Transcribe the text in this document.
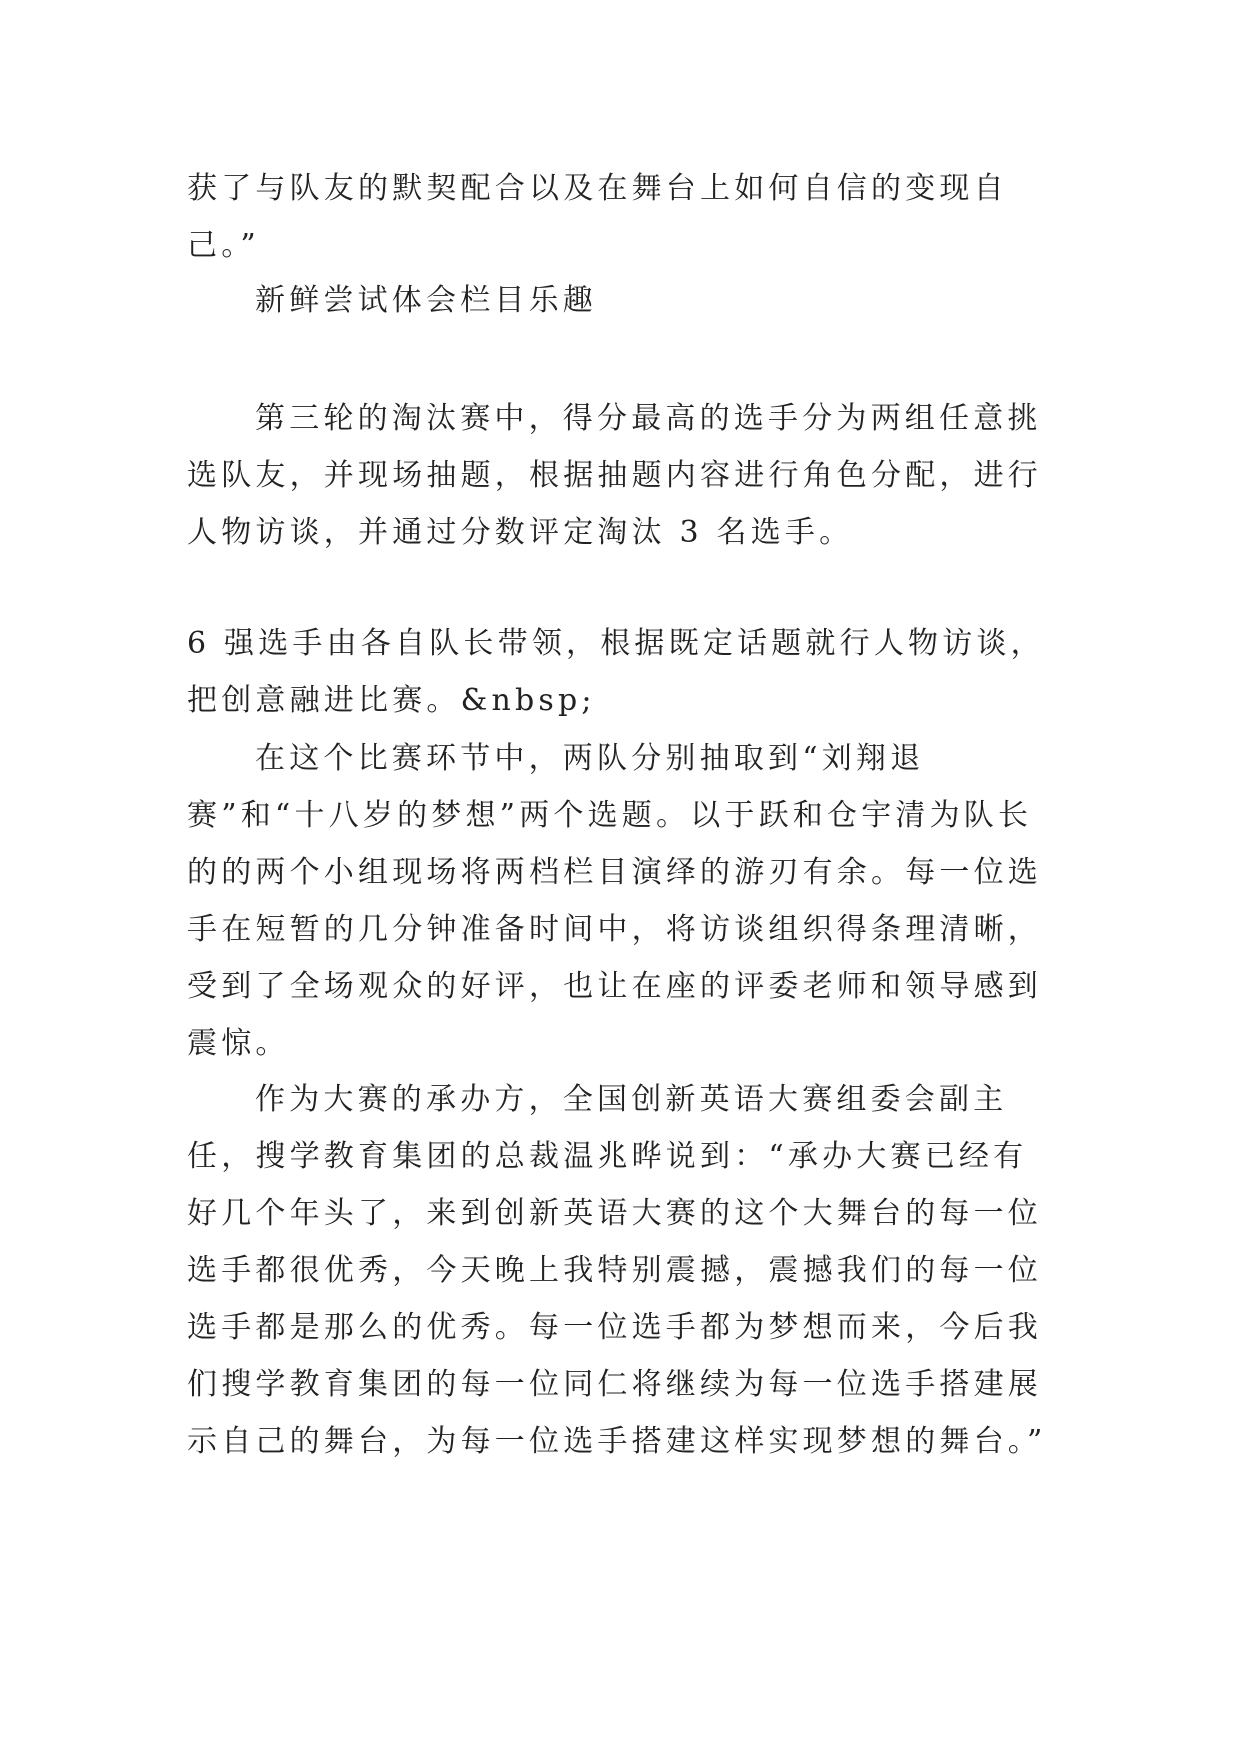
获了与队友的默契配合以及在舞台上如何自信的变现自己。”

新鲜尝试体会栏目乐趣

第三轮的淘汰赛中，得分最高的选手分为两组任意挑选队友，并现场抽题，根据抽题内容进行角色分配，进行人物访谈，并通过分数评定淘汰 3 名选手。

6 强选手由各自队长带领，根据既定话题就行人物访谈，把创意融进比赛。&nbsp;

在这个比赛环节中，两队分别抽取到“刘翔退赛”和“十八岁的梦想”两个选题。以于跃和仓宇清为队长的的两个小组现场将两档栏目演绎的游刃有余。每一位选手在短暂的几分钟准备时间中，将访谈组织得条理清晰，受到了全场观众的好评，也让在座的评委老师和领导感到震惊。

作为大赛的承办方，全国创新英语大赛组委会副主任，搜学教育集团的总裁温兆晔说到：“承办大赛已经有好几个年头了，来到创新英语大赛的这个大舞台的每一位选手都很优秀，今天晚上我特别震撼，震撼我们的每一位选手都是那么的优秀。每一位选手都为梦想而来，今后我们搜学教育集团的每一位同仁将继续为每一位选手搭建展示自己的舞台，为每一位选手搭建这样实现梦想的舞台。”
